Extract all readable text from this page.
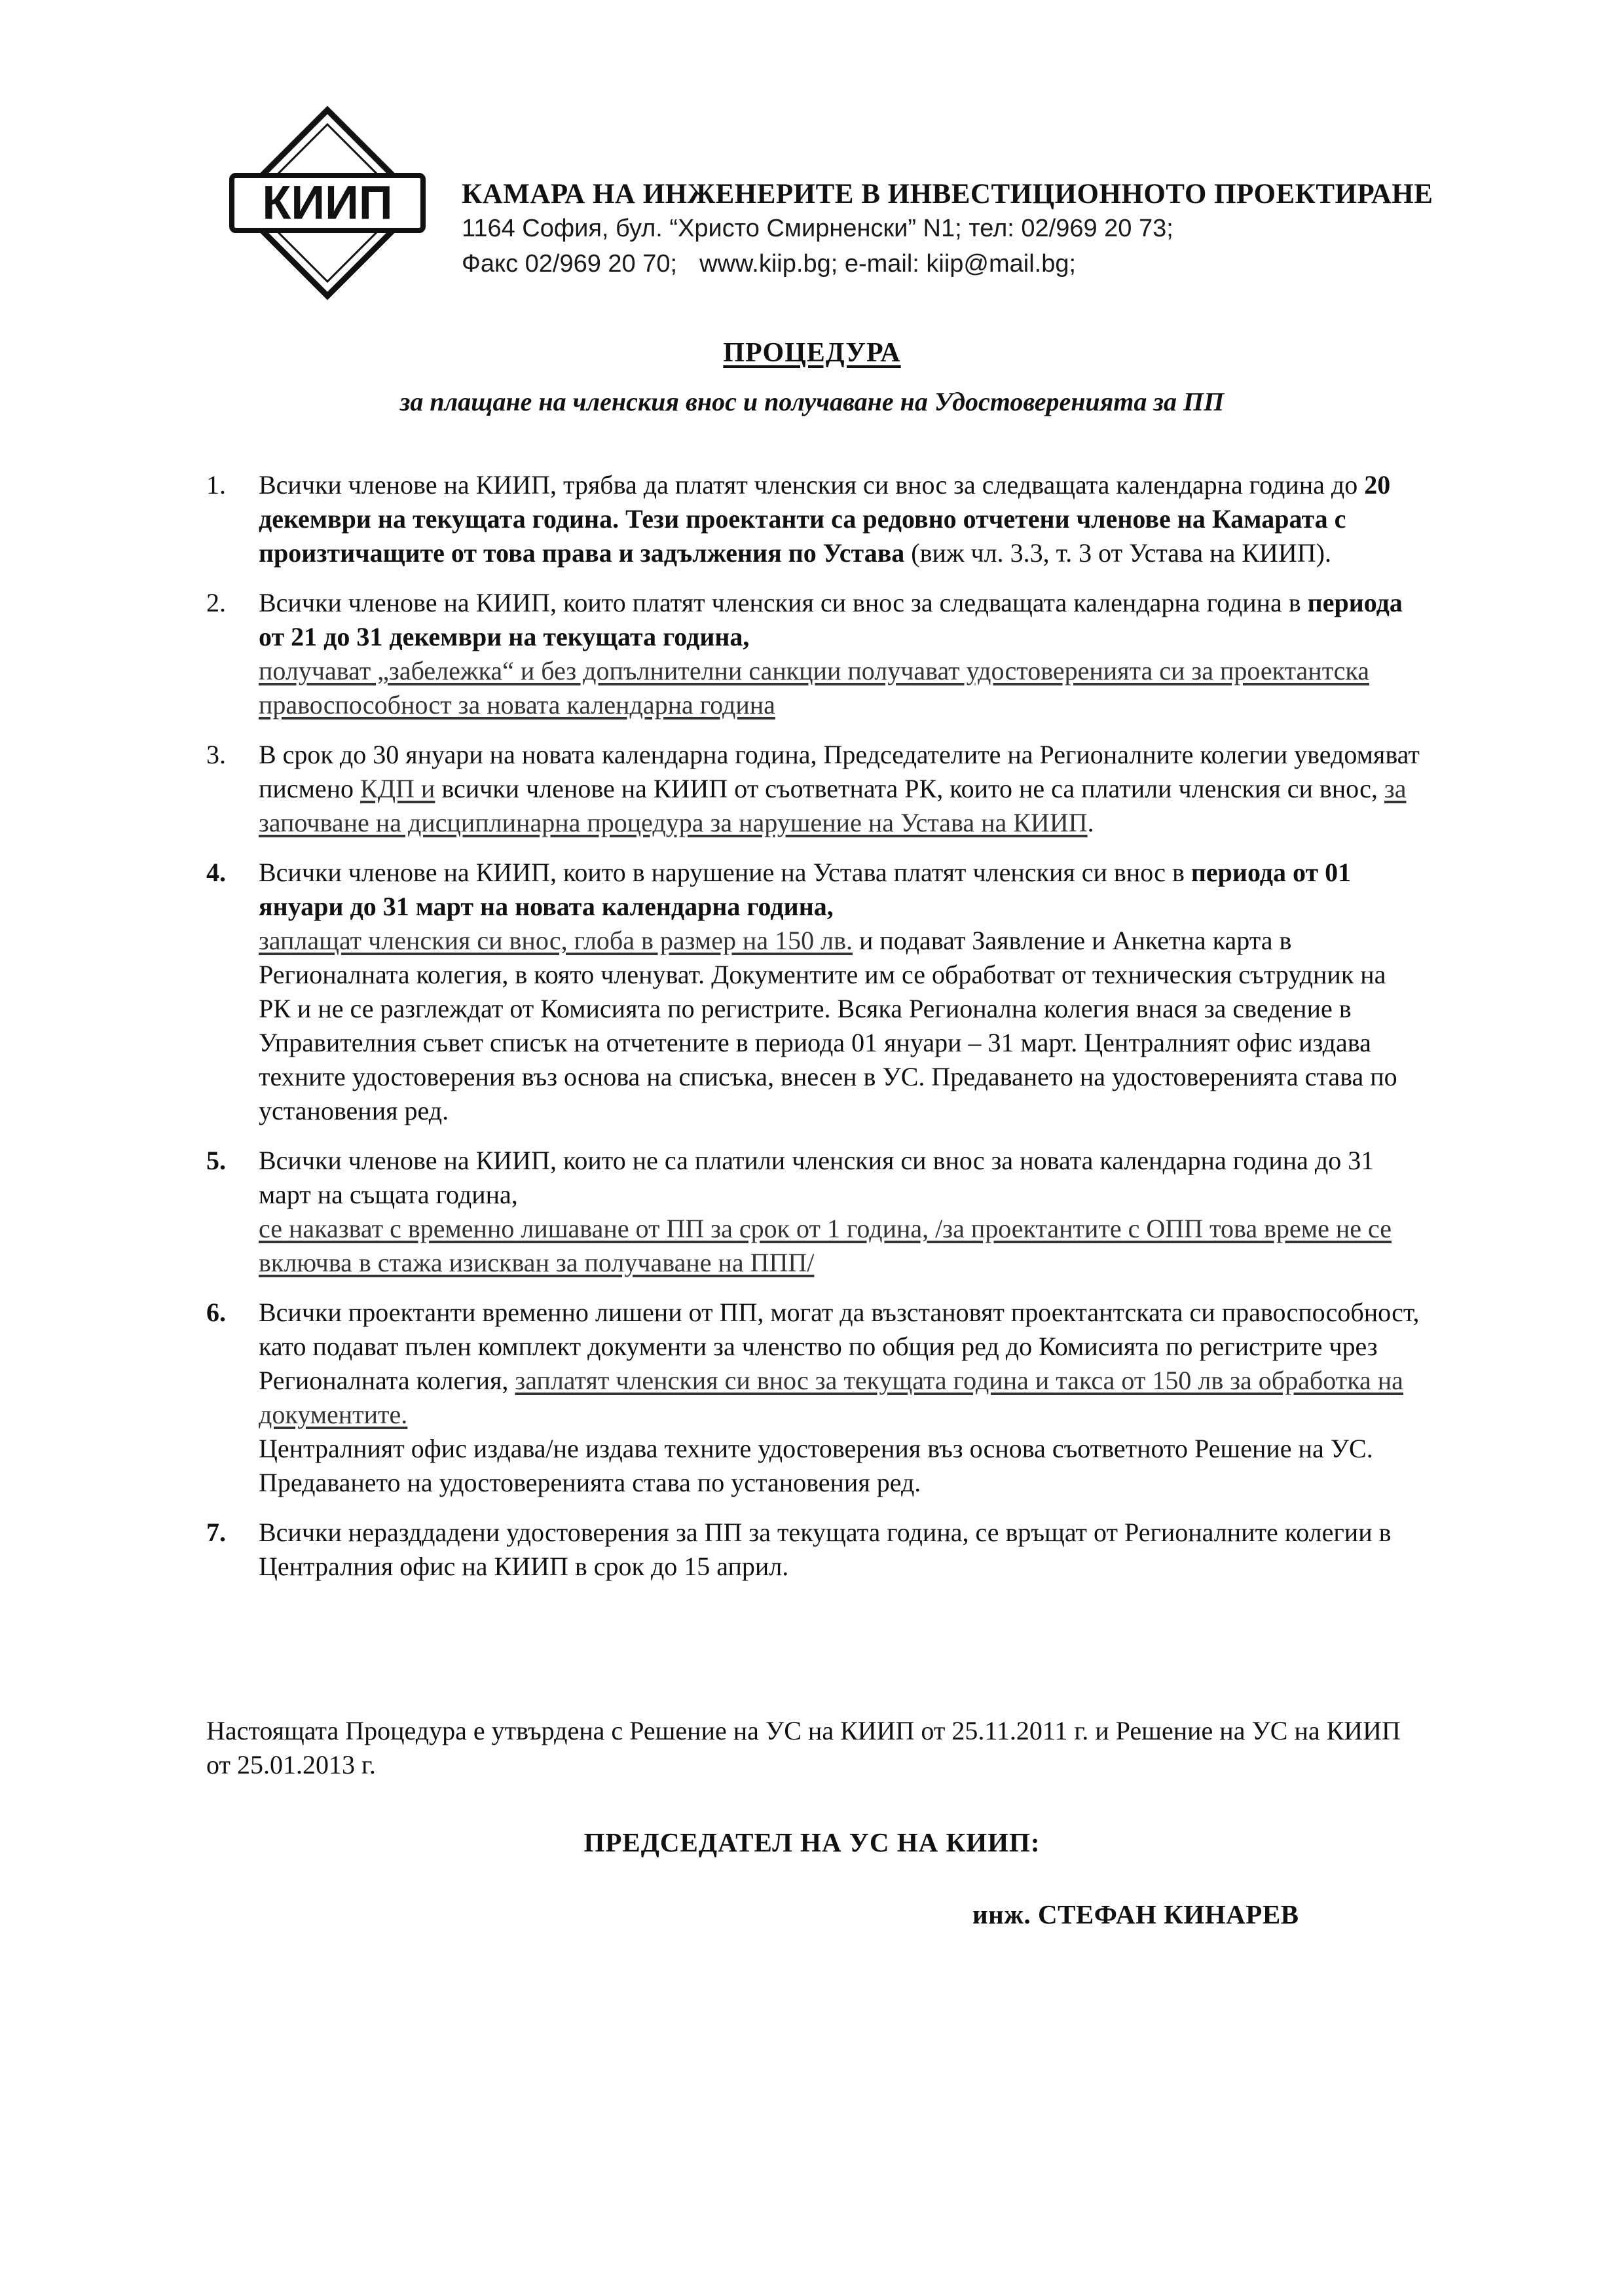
КИИП КАМАРА НА ИНЖЕНЕРИТЕ В ИНВЕСТИЦИОННОТО ПРОЕКТИРАНЕ
1164 София, бул. “Христо Смирненски” N1; тел: 02/969 20 73;
Факс 02/969 20 70; www.kiip.bg; e-mail: kiip@mail.bg;
ПРОЦЕДУРА
за плащане на членския внос и получаване на Удостоверенията за ПП
1. Всички членове на КИИП, трябва да платят членския си внос за следващата календарна година до 20 декември на текущата година. Тези проектанти са редовно отчетени членове на Камарата с произтичащите от това права и задължения по Устава (виж чл. 3.3, т. 3 от Устава на КИИП).
2. Всички членове на КИИП, които платят членския си внос за следващата календарна година в периода от 21 до 31 декември на текущата година,
получават „забележка“ и без допълнителни санкции получават удостоверенията си за проектантска правоспособност за новата календарна година
3. В срок до 30 януари на новата календарна година, Председателите на Регионалните колегии уведомяват писмено КДП и всички членове на КИИП от съответната РК, които не са платили членския си внос, за започване на дисциплинарна процедура за нарушение на Устава на КИИП.
4. Всички членове на КИИП, които в нарушение на Устава платят членския си внос в периода от 01 януари до 31 март на новата календарна година,
заплащат членския си внос, глоба в размер на 150 лв. и подават Заявление и Анкетна карта в Регионалната колегия, в която членуват. Документите им се обработват от техническия сътрудник на РК и не се разглеждат от Комисията по регистрите. Всяка Регионална колегия внася за сведение в Управителния съвет списък на отчетените в периода 01 януари – 31 март. Централният офис издава техните удостоверения въз основа на списъка, внесен в УС. Предаването на удостоверенията става по установения ред.
5. Всички членове на КИИП, които не са платили членския си внос за новата календарна година до 31 март на същата година,
се наказват с временно лишаване от ПП за срок от 1 година, /за проектантите с ОПП това време не се включва в стажа изискван за получаване на ППП/
6. Всички проектанти временно лишени от ПП, могат да възстановят проектантската си правоспособност, като подават пълен комплект документи за членство по общия ред до Комисията по регистрите чрез Регионалната колегия, заплатят членския си внос за текущата година и такса от 150 лв за обработка на документите.
Централният офис издава/не издава техните удостоверения въз основа съответното Решение на УС. Предаването на удостоверенията става по установения ред.
7. Всички неразддадени удостоверения за ПП за текущата година, се връщат от Регионалните колегии в Централния офис на КИИП в срок до 15 април.
Настоящата Процедура е утвърдена с Решение на УС на КИИП от 25.11.2011 г. и Решение на УС на КИИП от 25.01.2013 г.
ПРЕДСЕДАТЕЛ НА УС НА КИИП:
инж. СТЕФАН КИНАРЕВ
